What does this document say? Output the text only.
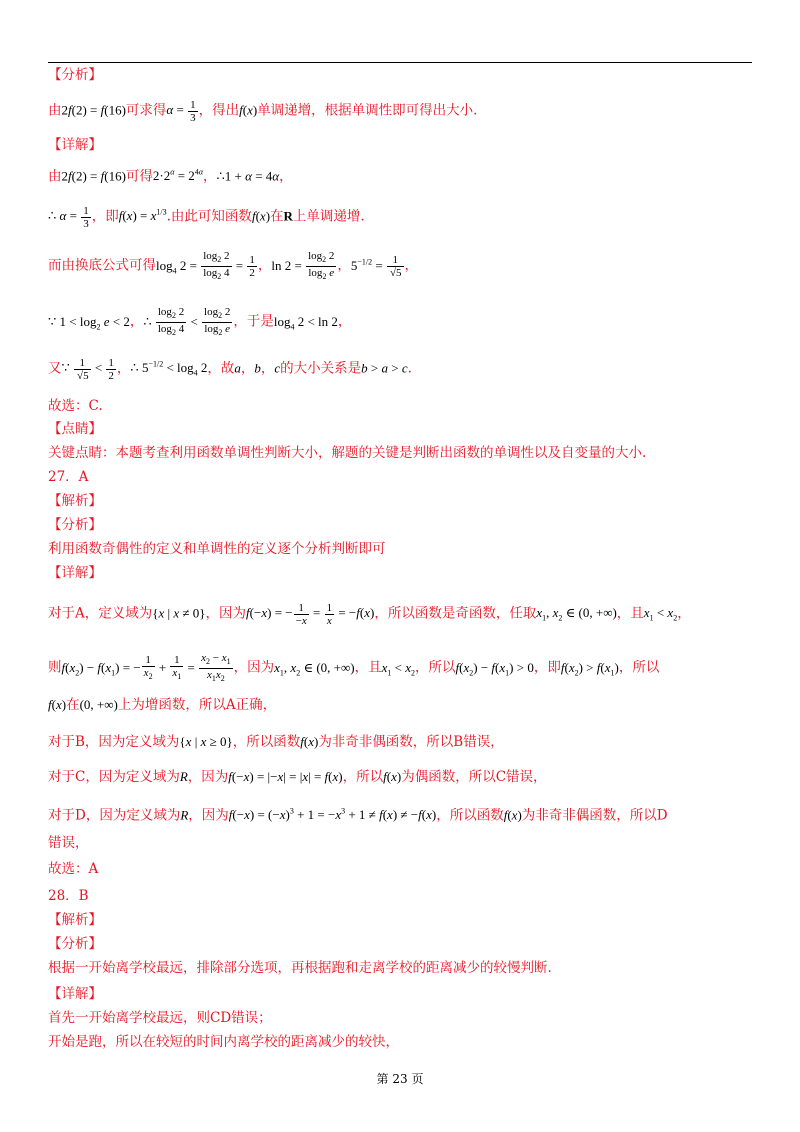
【分析】
由2f(2) = f(16)可求得$\alpha = \frac{1}{3}$ ，得出f(x)单调递增，根据单调性即可得出大小.
【详解】
由2f(2) = f(16)可得$2\cdot 2^\alpha = 2^{4\alpha}$，∴1 + α = 4α，
∴ $\alpha = \frac{1}{3}$ ，即$f(x) = x^{1/3}$.由此可知函数f(x)在R上单调递增.
而由换底公式可得$\log_4 2 = \frac{\log_2 2}{\log_2 4} = \frac{1}{2}$ ，$\ln 2 = \frac{\log_2 2}{\log_2 e}$ ，$5^{-1/2} = \frac{1}{√5}$ ，
∵ $1 < \log_2 e < 2$，∴ $\frac{\log_2 2}{\log_2 4} < \frac{\log_2 2}{\log_2 e}$ ，于是$\log_4 2 < \ln 2$，
又∵ $\frac{1}{√5} < \frac{1}{2}$ ，∴ $5^{-1/2} < \log_4 2$，故a，b，c的大小关系是b > a > c.
故选：C.
【点睛】
关键点睛：本题考查利用函数单调性判断大小，解题的关键是判断出函数的单调性以及自变量的大小.
27．A
【解析】
【分析】
利用函数奇偶性的定义和单调性的定义逐个分析判断即可
【详解】
对于A，定义域为{x | x ≠ 0}，因为f(−x) = − $\frac{1}{-x} = \frac{1}{x} = -f(x)$，所以函数是奇函数，任取$x_1$, $x_2$ ∈ (0, +∞)，且$x_1 < x_2$，
则$f(x_2) - f(x_1)$ = − $\frac{1}{x_2} + \frac{1}{x_1} = \frac{x_2 - x_1}{x_1x_2}$ ，因为$x_1$, $x_2$ ∈ (0, +∞)，且$x_1 < x_2$，所以$f(x_2) - f(x_1) > 0$，即$f(x_2) > f(x_1)$，所以
f(x)在(0, +∞)上为增函数，所以A正确，
对于B，因为定义域为{x | x ≥ 0}，所以函数f(x)为非奇非偶函数，所以B错误，
对于C，因为定义域为R，因为f(−x) = |−x| = |x| = f(x)，所以f(x)为偶函数，所以C错误，
对于D，因为定义域为R，因为$f(-x) = (-x)^3 + 1 = -x^3 + 1 \ne f(x) \ne -f(x)$，所以函数f(x)为非奇非偶函数，所以D
错误，
故选：A
28．B
【解析】
【分析】
根据一开始离学校最远，排除部分选项，再根据跑和走离学校的距离减少的较慢判断.
【详解】
首先一开始离学校最远，则CD错误；
开始是跑，所以在较短的时间内离学校的距离减少的较快，
第 23 页
